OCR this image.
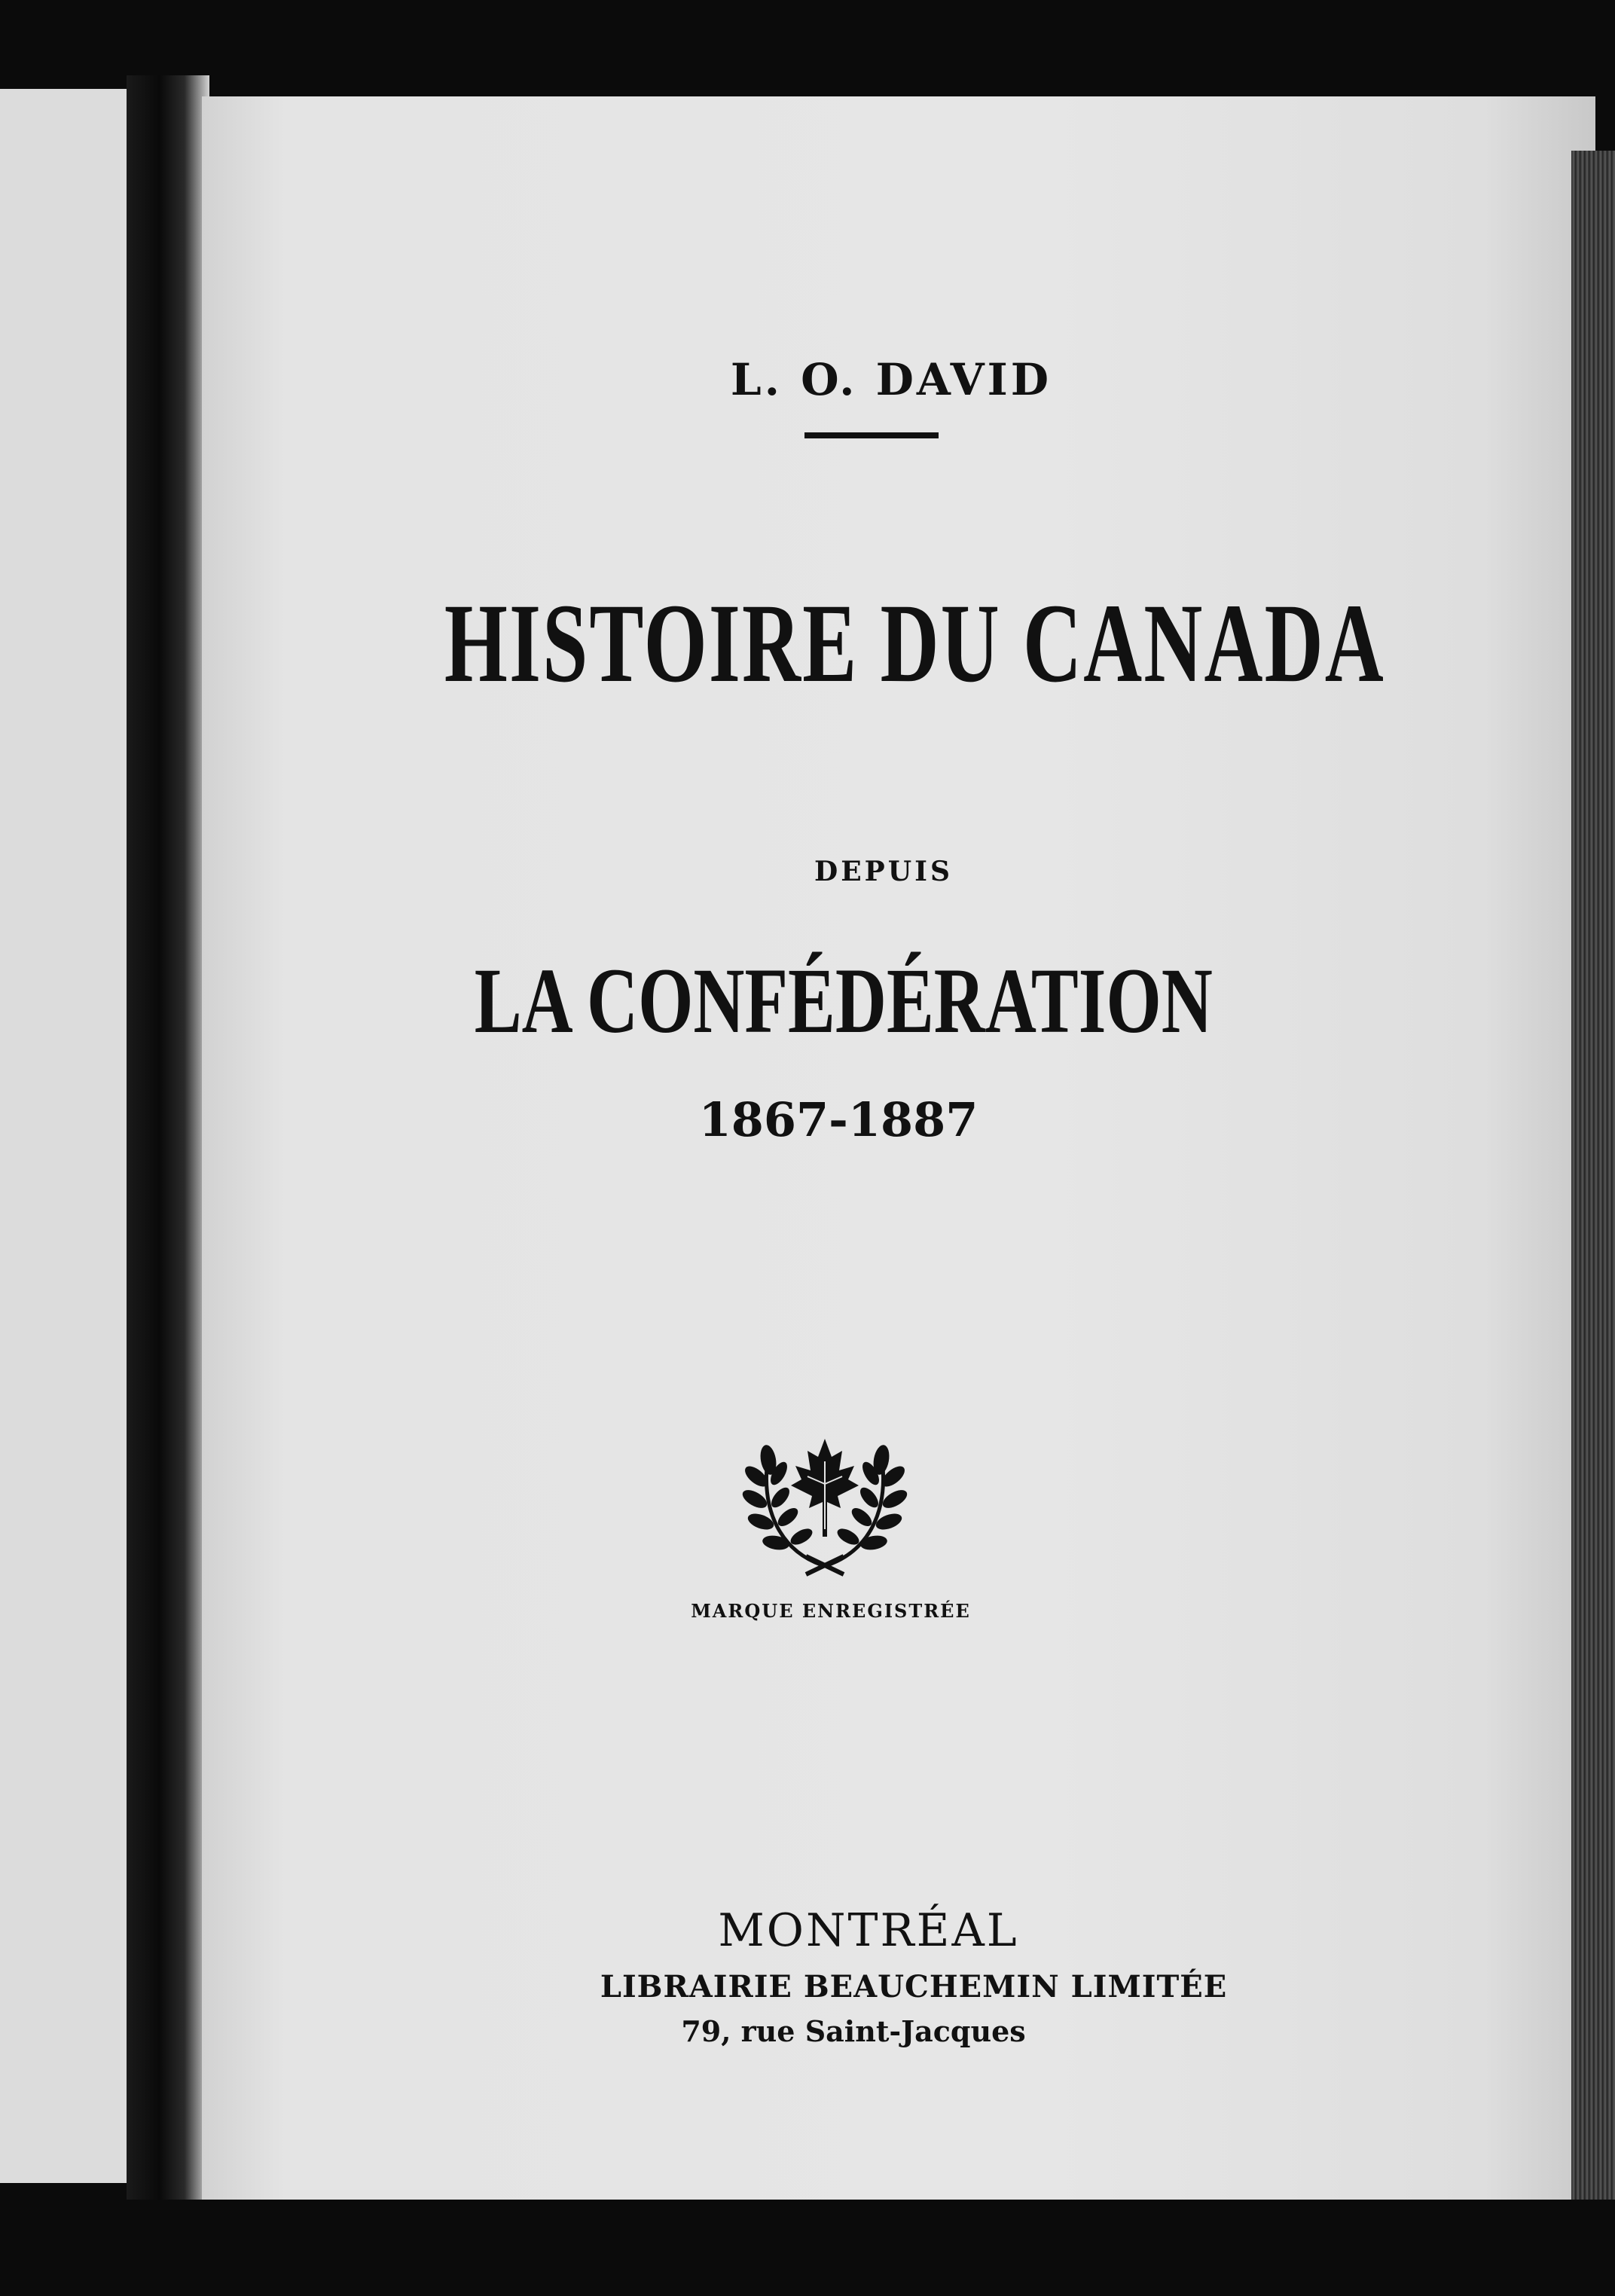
L. O. DAVID
HISTOIRE DU CANADA
DEPUIS
LA CONFÉDÉRATION
1867-1887
MARQUE ENREGISTRÉE
MONTRÉAL
LIBRAIRIE BEAUCHEMIN LIMITÉE
79, rue Saint-Jacques
